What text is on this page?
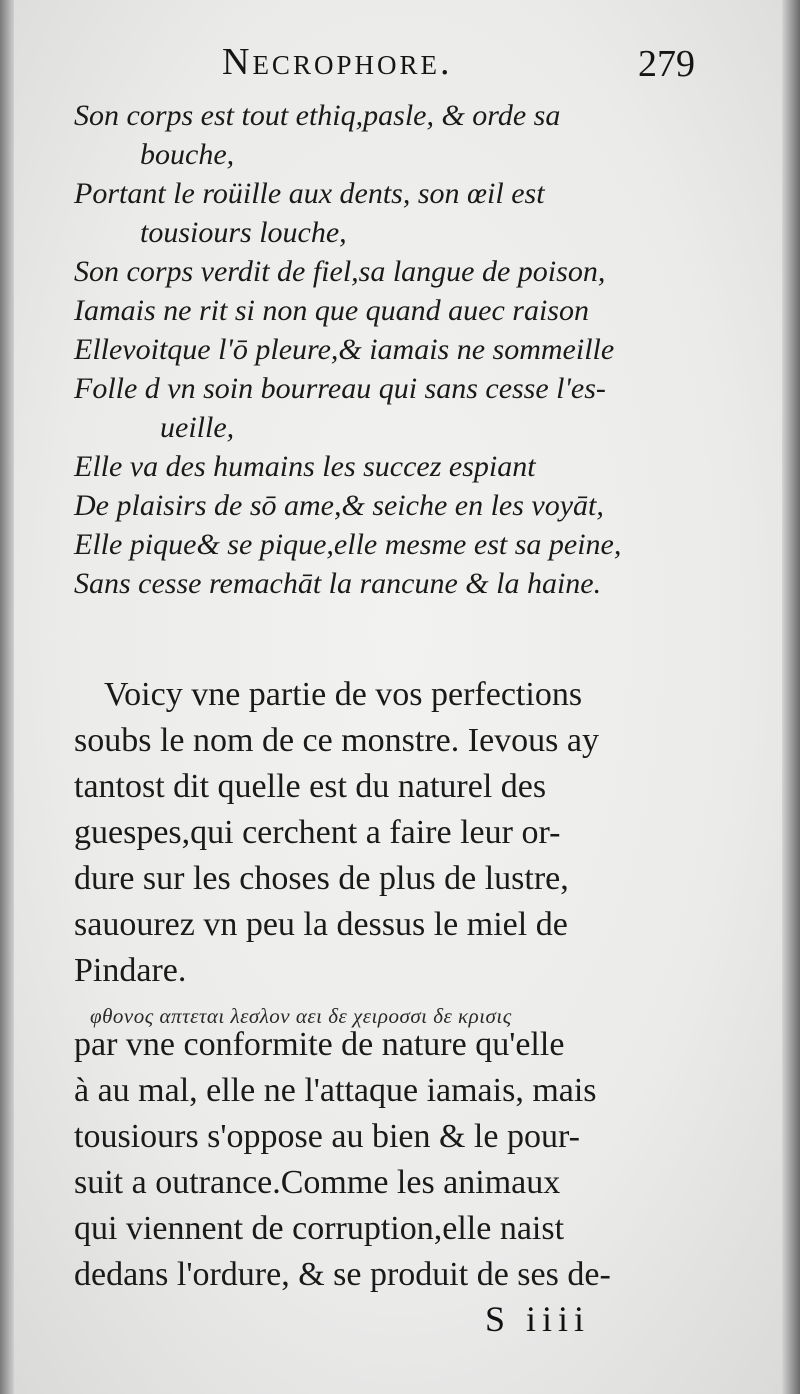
Necrophore.	279
Son corps est tout ethiq,pasle, & orde sa
bouche,
Portant le roüille aux dents, son œil est
tousiours louche,
Son corps verdit de fiel,sa langue de poison,
Iamais ne rit si non que quand auec raison
Ellevoitque l'ō pleure,& iamais ne sommeille
Folle d vn soin bourreau qui sans cesse l'es-
ueille,
Elle va des humains les succez espiant
De plaisirs de sō ame,& seiche en les voyāt,
Elle pique& se pique,elle mesme est sa peine,
Sans cesse remachāt la rancune & la haine.
Voicy vne partie de vos perfections
soubs le nom de ce monstre. Ievous ay
tantost dit quelle est du naturel des
guespes,qui cerchent a faire leur or-
dure sur les choses de plus de lustre,
sauourez vn peu la dessus le miel de
Pindare.
φθονος απτεται λεσλον αει δε χειροσσι δε κρισις
par vne conformite de nature qu'elle
à au mal, elle ne l'attaque iamais, mais
tousiours s'oppose au bien & le pour-
suit a outrance.Comme les animaux
qui viennent de corruption,elle naist
dedans l'ordure, & se produit de ses de-
S iiii
